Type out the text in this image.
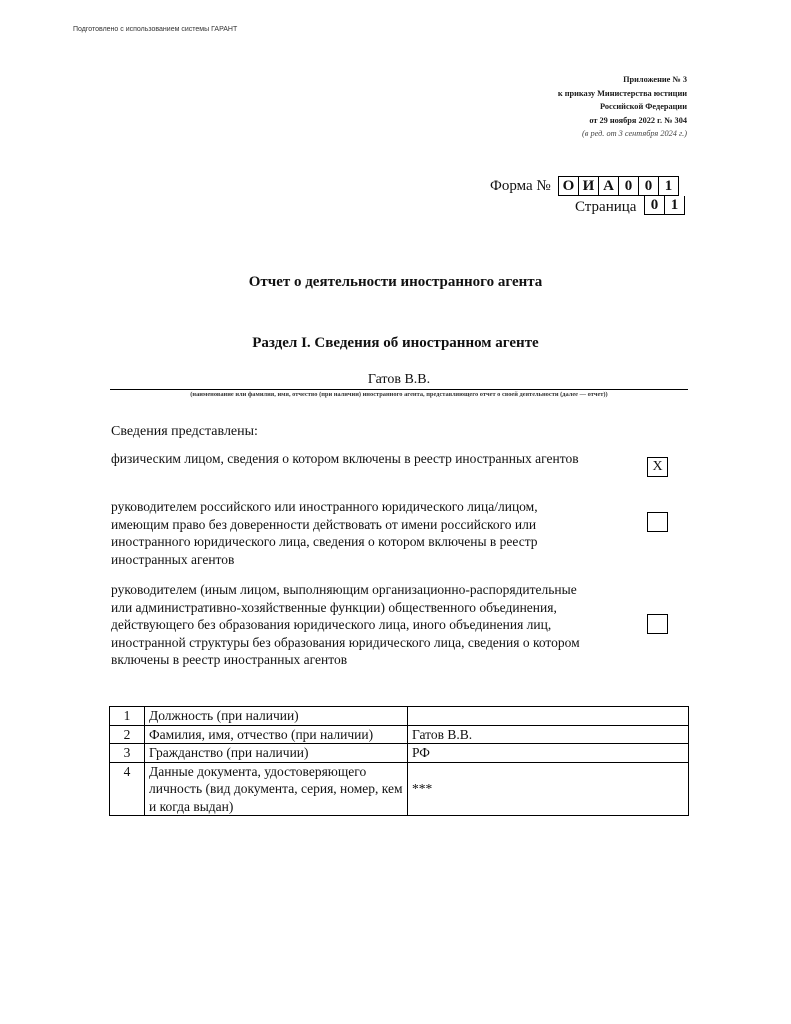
Подготовлено с использованием системы ГАРАНТ
Приложение № 3
к приказу Министерства юстиции
Российской Федерации
от 29 ноября 2022 г. № 304
(в ред. от 3 сентября 2024 г.)
Форма № О И А 0 0 1
Страница 0 1
Отчет о деятельности иностранного агента
Раздел I. Сведения об иностранном агенте
Гатов В.В.
(наименование или фамилия, имя, отчество (при наличии) иностранного агента, представляющего отчет о своей деятельности (далее — отчет))
Сведения представлены:
физическим лицом, сведения о котором включены в реестр иностранных агентов
X
руководителем российского или иностранного юридического лица/лицом, имеющим право без доверенности действовать от имени российского или иностранного юридического лица, сведения о котором включены в реестр иностранных агентов
руководителем (иным лицом, выполняющим организационно-распорядительные или административно-хозяйственные функции) общественного объединения, действующего без образования юридического лица, иного объединения лиц, иностранной структуры без образования юридического лица, сведения о котором включены в реестр иностранных агентов
1	Должность (при наличии)	
2	Фамилия, имя, отчество (при наличии)	Гатов В.В.
3	Гражданство (при наличии)	РФ
4	Данные документа, удостоверяющего личность (вид документа, серия, номер, кем и когда выдан)	***
